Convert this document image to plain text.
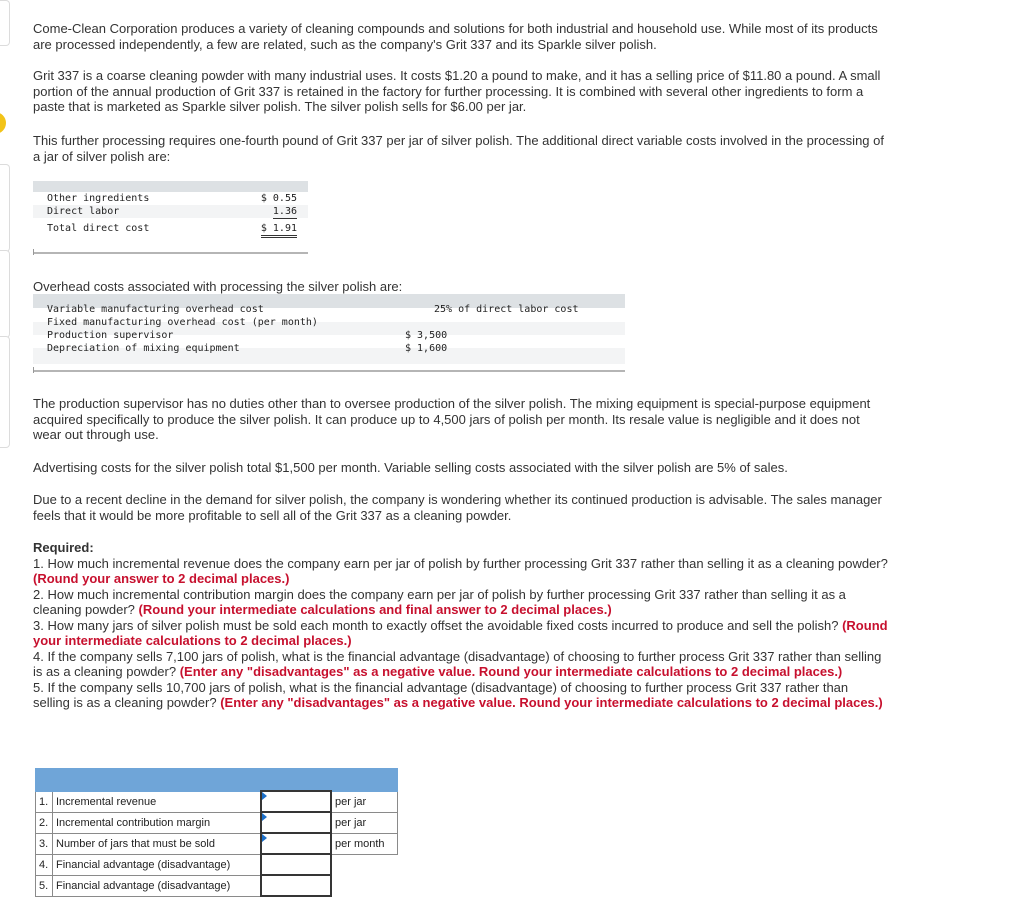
Come-Clean Corporation produces a variety of cleaning compounds and solutions for both industrial and household use. While most of its products are processed independently, a few are related, such as the company's Grit 337 and its Sparkle silver polish.

Grit 337 is a coarse cleaning powder with many industrial uses. It costs $1.20 a pound to make, and it has a selling price of $11.80 a pound. A small portion of the annual production of Grit 337 is retained in the factory for further processing. It is combined with several other ingredients to form a paste that is marketed as Sparkle silver polish. The silver polish sells for $6.00 per jar.

This further processing requires one-fourth pound of Grit 337 per jar of silver polish. The additional direct variable costs involved in the processing of a jar of silver polish are:

Other ingredients	$ 0.55
Direct labor	1.36
Total direct cost	$ 1.91

Overhead costs associated with processing the silver polish are:

Variable manufacturing overhead cost	25% of direct labor cost
Fixed manufacturing overhead cost (per month)
Production supervisor	$ 3,500
Depreciation of mixing equipment	$ 1,600

The production supervisor has no duties other than to oversee production of the silver polish. The mixing equipment is special-purpose equipment acquired specifically to produce the silver polish. It can produce up to 4,500 jars of polish per month. Its resale value is negligible and it does not wear out through use.

Advertising costs for the silver polish total $1,500 per month. Variable selling costs associated with the silver polish are 5% of sales.

Due to a recent decline in the demand for silver polish, the company is wondering whether its continued production is advisable. The sales manager feels that it would be more profitable to sell all of the Grit 337 as a cleaning powder.

Required:

1. How much incremental revenue does the company earn per jar of polish by further processing Grit 337 rather than selling it as a cleaning powder? (Round your answer to 2 decimal places.)

2. How much incremental contribution margin does the company earn per jar of polish by further processing Grit 337 rather than selling it as a cleaning powder? (Round your intermediate calculations and final answer to 2 decimal places.)

3. How many jars of silver polish must be sold each month to exactly offset the avoidable fixed costs incurred to produce and sell the polish? (Round your intermediate calculations to 2 decimal places.)

4. If the company sells 7,100 jars of polish, what is the financial advantage (disadvantage) of choosing to further process Grit 337 rather than selling is as a cleaning powder? (Enter any "disadvantages" as a negative value. Round your intermediate calculations to 2 decimal places.)

5. If the company sells 10,700 jars of polish, what is the financial advantage (disadvantage) of choosing to further process Grit 337 rather than selling is as a cleaning powder? (Enter any "disadvantages" as a negative value. Round your intermediate calculations to 2 decimal places.)

1.	Incremental revenue		per jar
2.	Incremental contribution margin		per jar
3.	Number of jars that must be sold		per month
4.	Financial advantage (disadvantage)		
5.	Financial advantage (disadvantage)		
